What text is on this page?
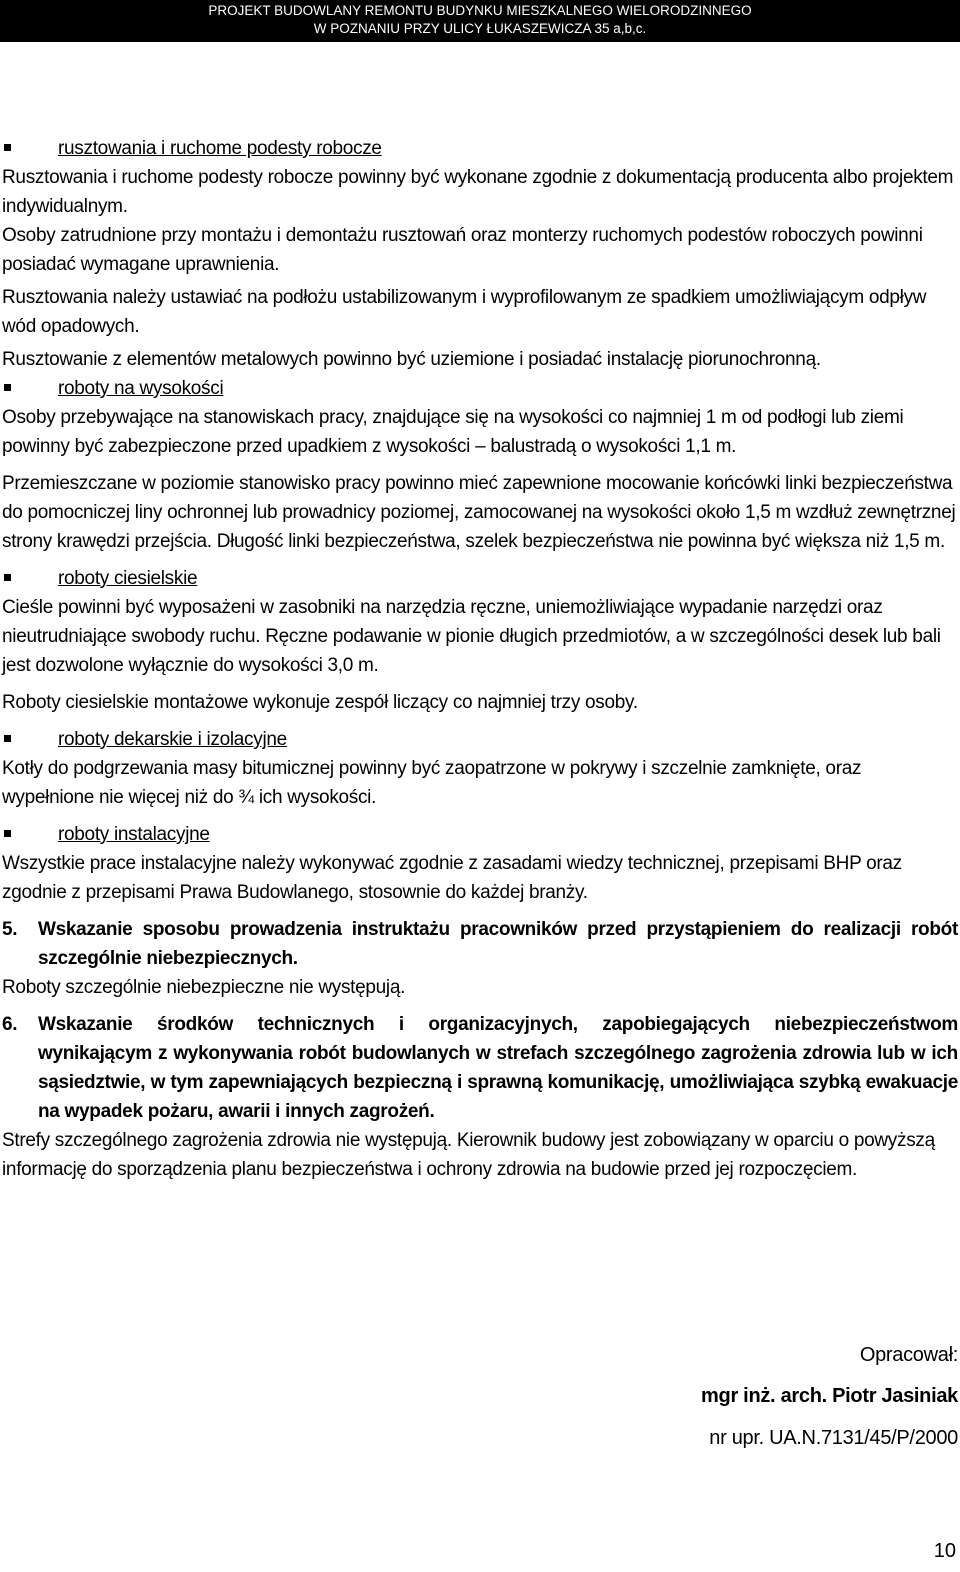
PROJEKT BUDOWLANY REMONTU BUDYNKU MIESZKALNEGO WIELORODZINNEGO
W POZNANIU PRZY ULICY ŁUKASZEWICZA 35 a,b,c.

rusztowania i ruchome podesty robocze

Rusztowania i ruchome podesty robocze powinny być wykonane zgodnie z dokumentacją producenta albo projektem indywidualnym.

Osoby zatrudnione przy montażu i demontażu rusztowań oraz monterzy ruchomych podestów roboczych powinni posiadać wymagane uprawnienia.

Rusztowania należy ustawiać na podłożu ustabilizowanym i wyprofilowanym ze spadkiem umożliwiającym odpływ wód opadowych.

Rusztowanie z elementów metalowych powinno być uziemione i posiadać instalację piorunochronną.

roboty na wysokości

Osoby przebywające na stanowiskach pracy, znajdujące się na wysokości co najmniej 1 m od podłogi lub ziemi powinny być zabezpieczone przed upadkiem z wysokości – balustradą o wysokości 1,1 m.

Przemieszczane w poziomie stanowisko pracy powinno mieć zapewnione mocowanie końcówki linki bezpieczeństwa do pomocniczej liny ochronnej lub prowadnicy poziomej, zamocowanej na wysokości około 1,5 m wzdłuż zewnętrznej strony krawędzi przejścia. Długość linki bezpieczeństwa, szelek bezpieczeństwa nie powinna być większa niż 1,5 m.

roboty ciesielskie

Cieśle powinni być wyposażeni w zasobniki na narzędzia ręczne, uniemożliwiające wypadanie narzędzi oraz nieutrudniające swobody ruchu. Ręczne podawanie w pionie długich przedmiotów, a w szczególności desek lub bali jest dozwolone wyłącznie do wysokości 3,0 m.

Roboty ciesielskie montażowe wykonuje zespół liczący co najmniej trzy osoby.

roboty dekarskie i izolacyjne

Kotły do podgrzewania masy bitumicznej powinny być zaopatrzone w pokrywy i szczelnie zamknięte, oraz wypełnione nie więcej niż do ¾ ich wysokości.

roboty instalacyjne

Wszystkie prace instalacyjne należy wykonywać zgodnie z zasadami wiedzy technicznej, przepisami BHP oraz zgodnie z przepisami Prawa Budowlanego, stosownie do każdej branży.

5. Wskazanie sposobu prowadzenia instruktażu pracowników przed przystąpieniem do realizacji robót szczególnie niebezpiecznych.

Roboty szczególnie niebezpieczne nie występują.

6. Wskazanie środków technicznych i organizacyjnych, zapobiegających niebezpieczeństwom wynikającym z wykonywania robót budowlanych w strefach szczególnego zagrożenia zdrowia lub w ich sąsiedztwie, w tym zapewniających bezpieczną i sprawną komunikację, umożliwiająca szybką ewakuacje na wypadek pożaru, awarii i innych zagrożeń.

Strefy szczególnego zagrożenia zdrowia nie występują. Kierownik budowy jest zobowiązany w oparciu o powyższą informację do sporządzenia planu bezpieczeństwa i ochrony zdrowia na budowie przed jej rozpoczęciem.

Opracował:
mgr inż. arch. Piotr Jasiniak
nr upr. UA.N.7131/45/P/2000
10
